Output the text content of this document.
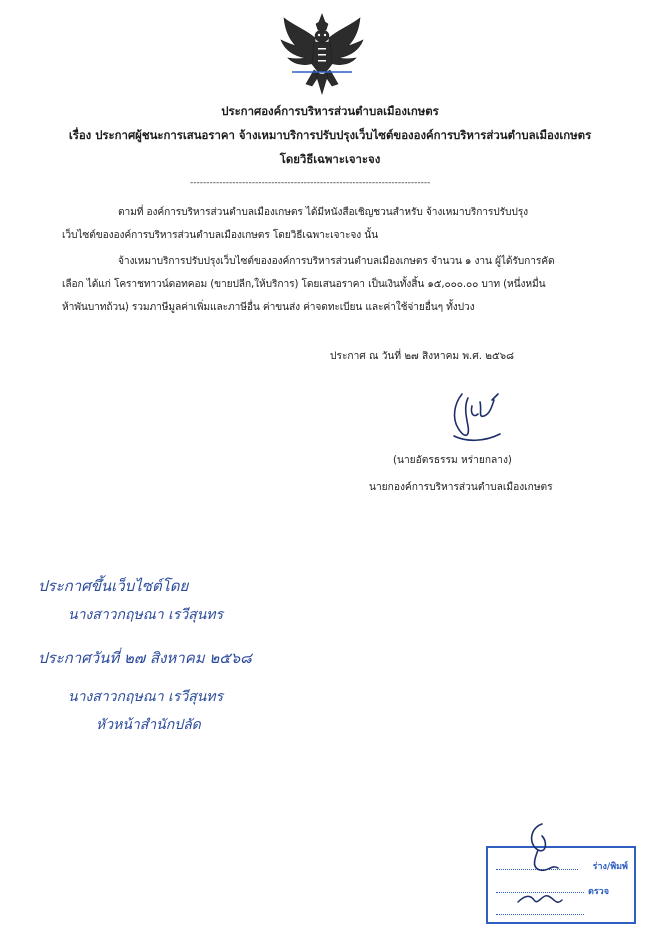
ประกาศองค์การบริหารส่วนตำบลเมืองเกษตร
เรื่อง ประกาศผู้ชนะการเสนอราคา จ้างเหมาบริการปรับปรุงเว็บไซต์ขององค์การบริหารส่วนตำบลเมืองเกษตร
โดยวิธีเฉพาะเจาะจง
--------------------------------------------------------------------------
ตามที่ องค์การบริหารส่วนตำบลเมืองเกษตร ได้มีหนังสือเชิญชวนสำหรับ จ้างเหมาบริการปรับปรุง
เว็บไซต์ขององค์การบริหารส่วนตำบลเมืองเกษตร โดยวิธีเฉพาะเจาะจง นั้น
จ้างเหมาบริการปรับปรุงเว็บไซต์ขององค์การบริหารส่วนตำบลเมืองเกษตร จำนวน ๑ งาน ผู้ได้รับการคัด
เลือก ได้แก่ โคราชทาวน์ดอทคอม (ขายปลีก,ให้บริการ) โดยเสนอราคา เป็นเงินทั้งสิ้น ๑๕,๐๐๐.๐๐ บาท (หนึ่งหมื่น
ห้าพันบาทถ้วน) รวมภาษีมูลค่าเพิ่มและภาษีอื่น ค่าขนส่ง ค่าจดทะเบียน และค่าใช้จ่ายอื่นๆ ทั้งปวง
ประกาศ ณ วันที่ ๒๗ สิงหาคม พ.ศ. ๒๕๖๘
(นายอัตรธรรม หร่ายกลาง)
นายกองค์การบริหารส่วนตำบลเมืองเกษตร
ประกาศขึ้นเว็บไซต์โดย
นางสาวกฤษณา เรวีสุนทร
ประกาศวันที่ ๒๗ สิงหาคม ๒๕๖๘
นางสาวกฤษณา เรวีสุนทร
หัวหน้าสำนักปลัด
ร่าง/พิมพ์
ตรวจ
